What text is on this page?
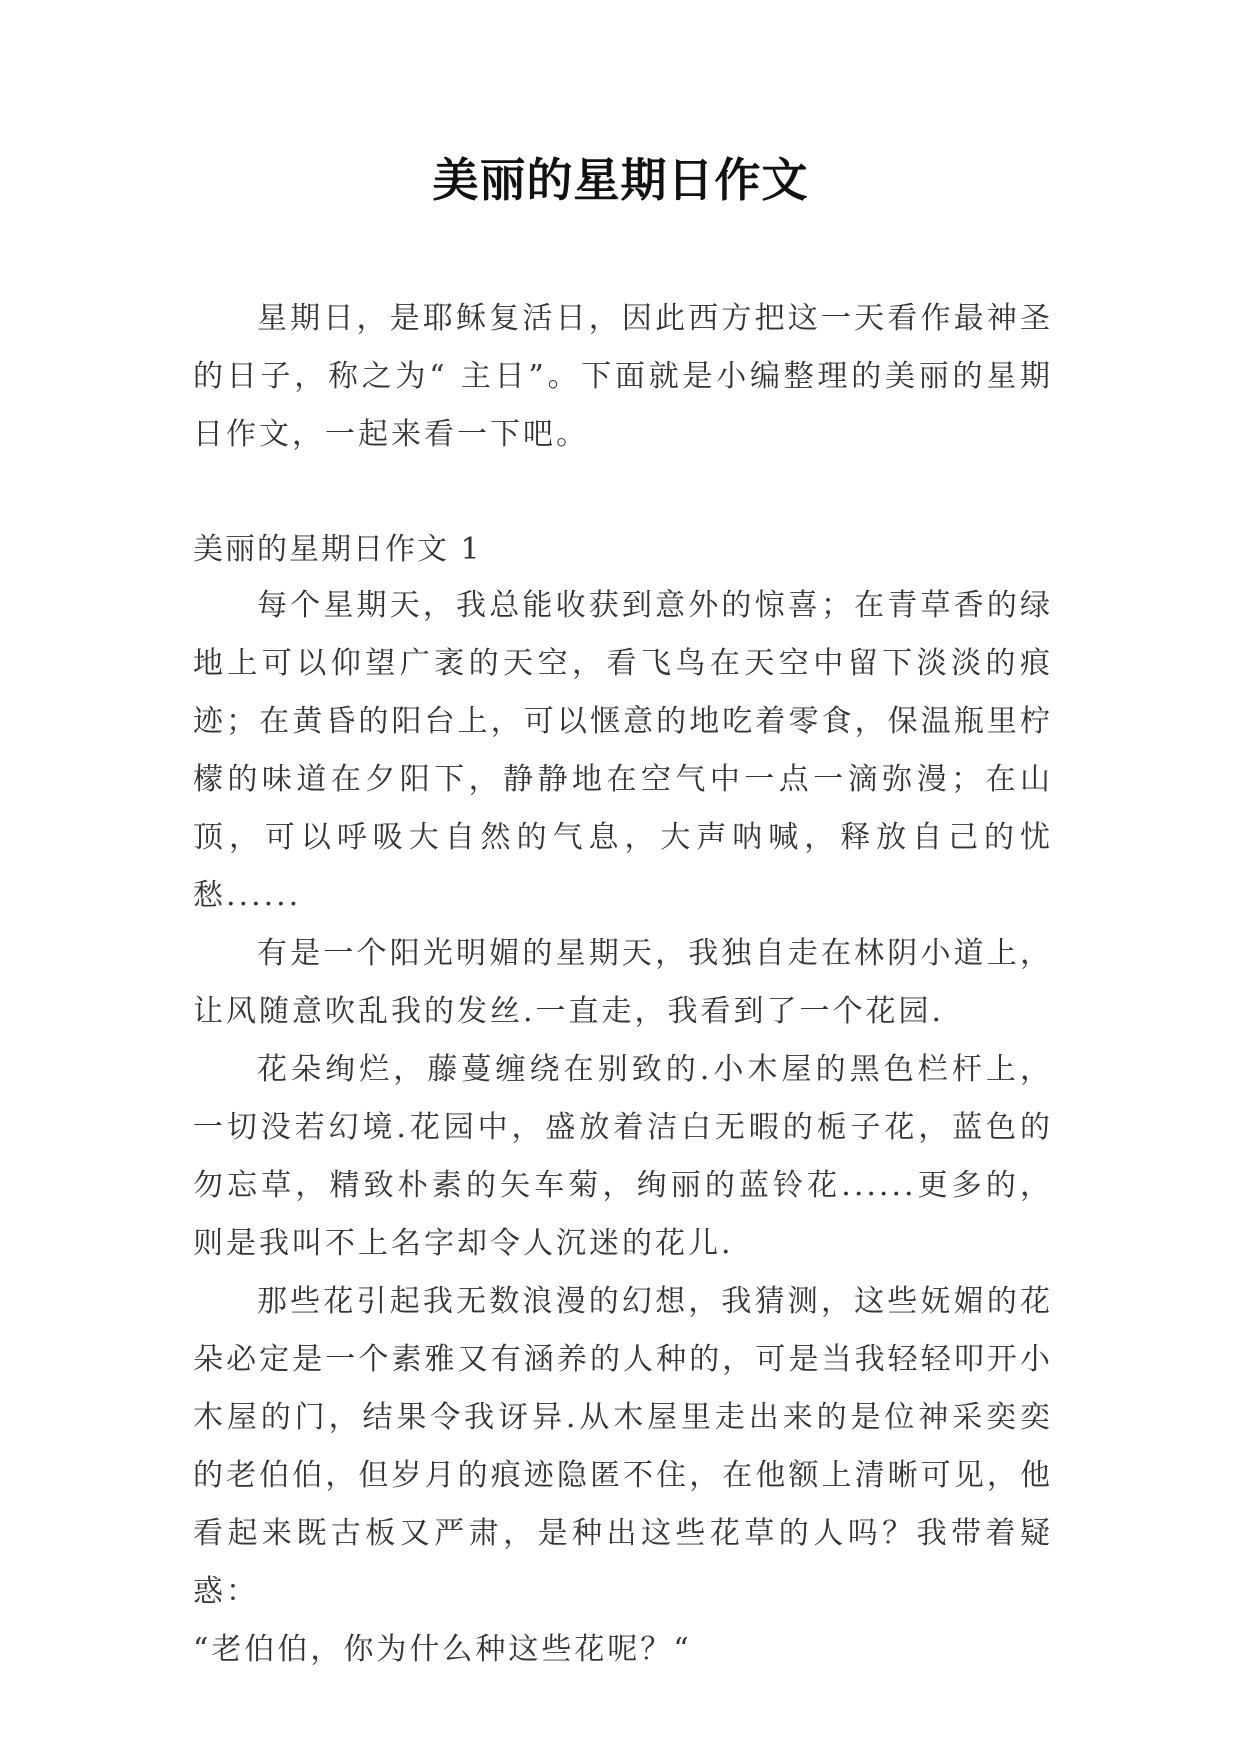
美丽的星期日作文

星期日，是耶稣复活日，因此西方把这一天看作最神圣的日子，称之为“ 主日”。下面就是小编整理的美丽的星期日作文，一起来看一下吧。

美丽的星期日作文 1

每个星期天，我总能收获到意外的惊喜；在青草香的绿地上可以仰望广袤的天空，看飞鸟在天空中留下淡淡的痕迹；在黄昏的阳台上，可以惬意的地吃着零食，保温瓶里柠檬的味道在夕阳下，静静地在空气中一点一滴弥漫；在山顶，可以呼吸大自然的气息，大声呐喊，释放自己的忧愁......

有是一个阳光明媚的星期天，我独自走在林阴小道上，让风随意吹乱我的发丝.一直走，我看到了一个花园.

花朵绚烂，藤蔓缠绕在别致的.小木屋的黑色栏杆上，一切没若幻境.花园中，盛放着洁白无暇的栀子花，蓝色的勿忘草，精致朴素的矢车菊，绚丽的蓝铃花......更多的，则是我叫不上名字却令人沉迷的花儿.

那些花引起我无数浪漫的幻想，我猜测，这些妩媚的花朵必定是一个素雅又有涵养的人种的，可是当我轻轻叩开小木屋的门，结果令我讶异.从木屋里走出来的是位神采奕奕的老伯伯，但岁月的痕迹隐匿不住，在他额上清晰可见，他看起来既古板又严肃，是种出这些花草的人吗？我带着疑惑：

“老伯伯，你为什么种这些花呢？“
